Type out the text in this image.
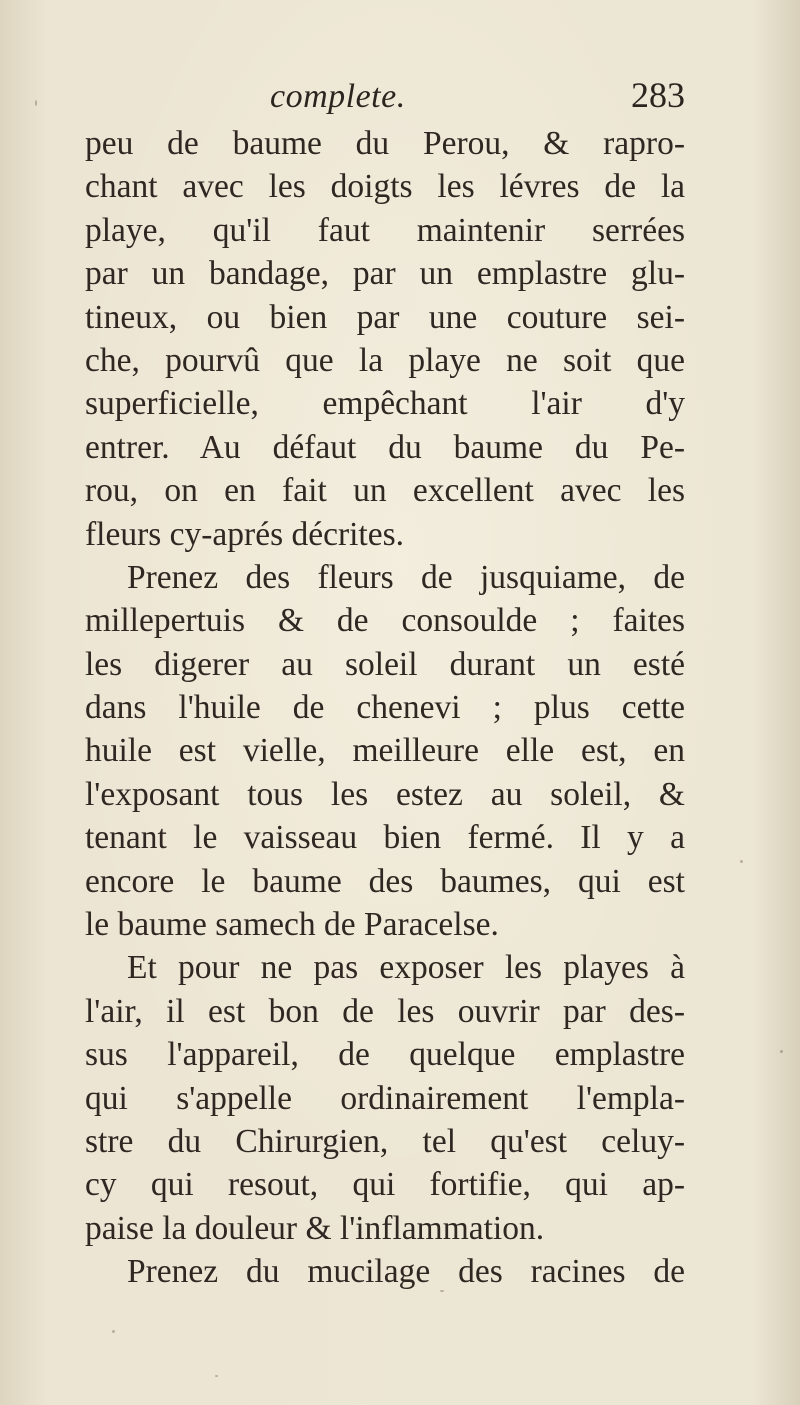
complete.	283
peu de baume du Perou, & rapro-
chant avec les doigts les lévres de la
playe, qu'il faut maintenir serrées
par un bandage, par un emplastre glu-
tineux, ou bien par une couture sei-
che, pourvû que la playe ne soit que
superficielle, empêchant l'air d'y
entrer. Au défaut du baume du Pe-
rou, on en fait un excellent avec les
fleurs cy-aprés décrites.
Prenez des fleurs de jusquiame, de
millepertuis & de consoulde ; faites
les digerer au soleil durant un esté
dans l'huile de chenevi ; plus cette
huile est vielle, meilleure elle est, en
l'exposant tous les estez au soleil, &
tenant le vaisseau bien fermé. Il y a
encore le baume des baumes, qui est
le baume samech de Paracelse.
Et pour ne pas exposer les playes à
l'air, il est bon de les ouvrir par des-
sus l'appareil, de quelque emplastre
qui s'appelle ordinairement l'empla-
stre du Chirurgien, tel qu'est celuy-
cy qui resout, qui fortifie, qui ap-
paise la douleur & l'inflammation.
Prenez du mucilage des racines de
